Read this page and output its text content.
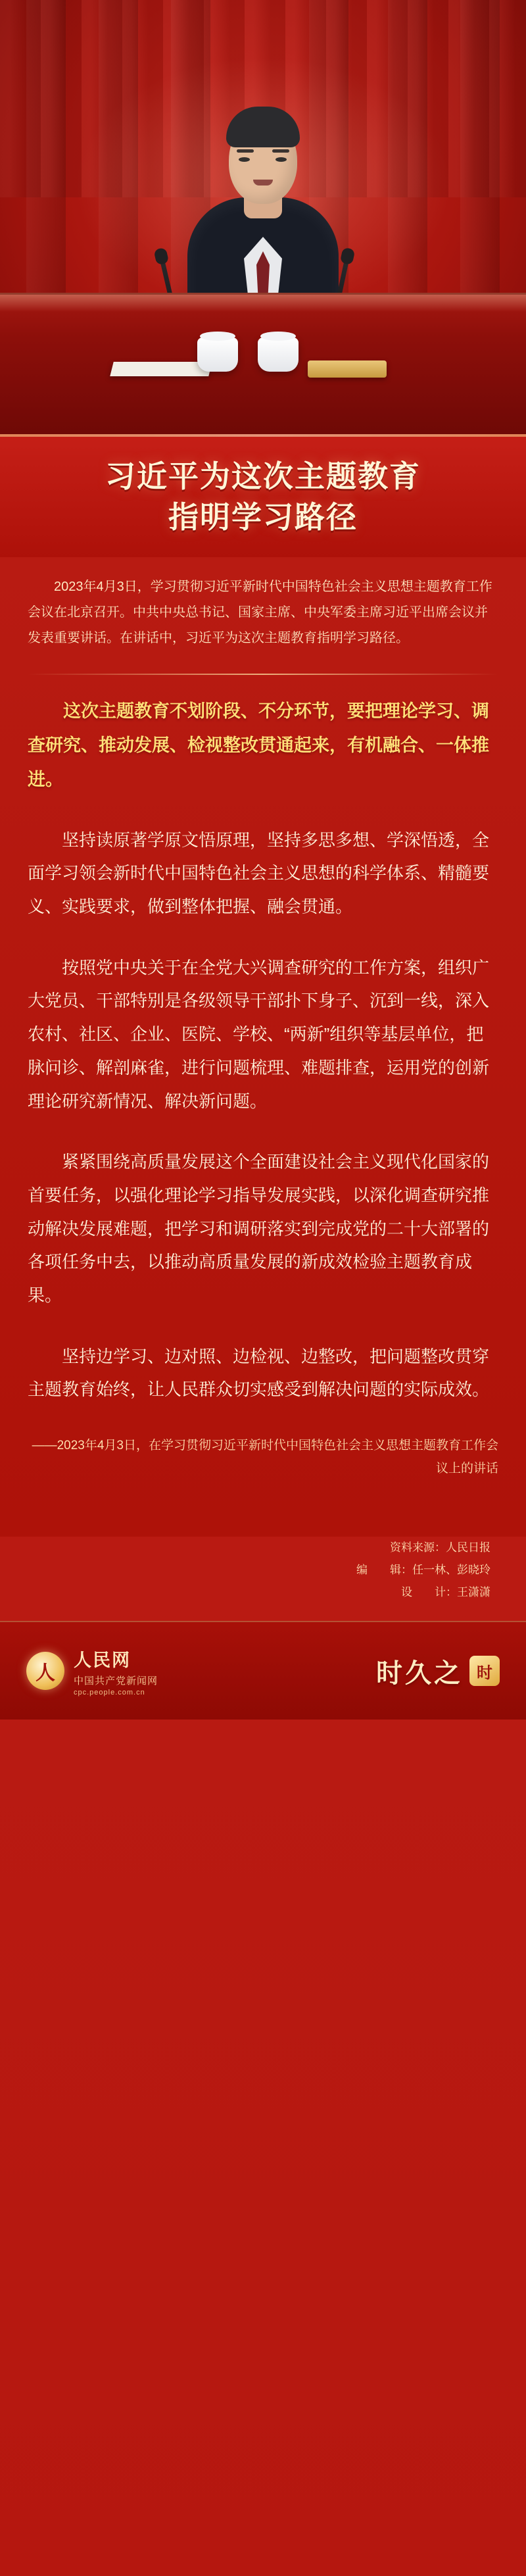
习近平为这次主题教育
指明学习路径
2023年4月3日，学习贯彻习近平新时代中国特色社会主义思想主题教育工作会议在北京召开。中共中央总书记、国家主席、中央军委主席习近平出席会议并发表重要讲话。在讲话中，习近平为这次主题教育指明学习路径。
这次主题教育不划阶段、不分环节，要把理论学习、调查研究、推动发展、检视整改贯通起来，有机融合、一体推进。
坚持读原著学原文悟原理，坚持多思多想、学深悟透，全面学习领会新时代中国特色社会主义思想的科学体系、精髓要义、实践要求，做到整体把握、融会贯通。
按照党中央关于在全党大兴调查研究的工作方案，组织广大党员、干部特别是各级领导干部扑下身子、沉到一线，深入农村、社区、企业、医院、学校、“两新”组织等基层单位，把脉问诊、解剖麻雀，进行问题梳理、难题排查，运用党的创新理论研究新情况、解决新问题。
紧紧围绕高质量发展这个全面建设社会主义现代化国家的首要任务，以强化理论学习指导发展实践，以深化调查研究推动解决发展难题，把学习和调研落实到完成党的二十大部署的各项任务中去，以推动高质量发展的新成效检验主题教育成果。
坚持边学习、边对照、边检视、边整改，把问题整改贯穿主题教育始终，让人民群众切实感受到解决问题的实际成效。
——2023年4月3日，在学习贯彻习近平新时代中国特色社会主义思想主题教育工作会议上的讲话
资料来源：人民日报
编　　辑：任一林、彭晓玲
设　　计：王潇潇
人
人民网
中国共产党新闻网
cpc.people.com.cn
时久之 时
